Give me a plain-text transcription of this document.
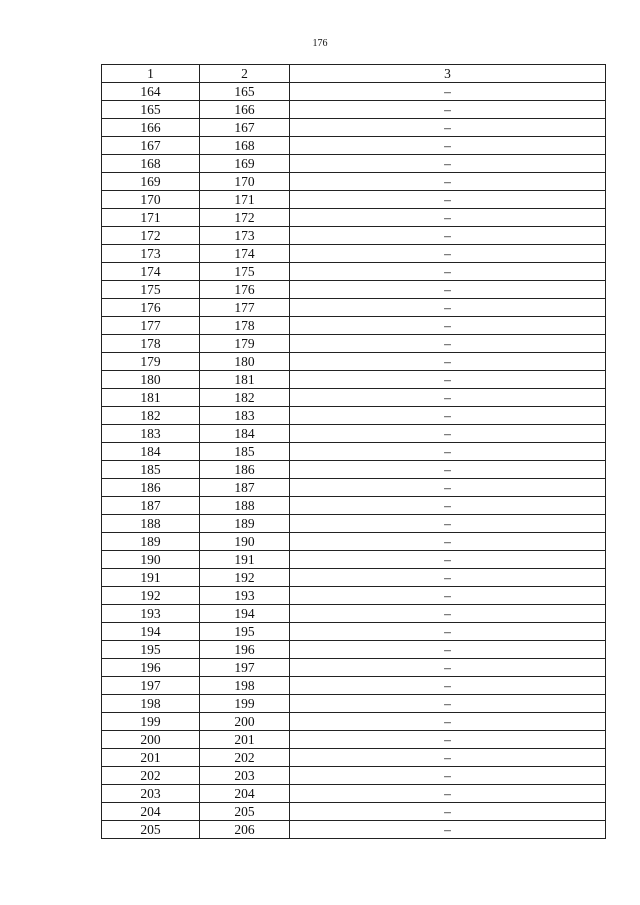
176
1	2	3
164	165	–
165	166	–
166	167	–
167	168	–
168	169	–
169	170	–
170	171	–
171	172	–
172	173	–
173	174	–
174	175	–
175	176	–
176	177	–
177	178	–
178	179	–
179	180	–
180	181	–
181	182	–
182	183	–
183	184	–
184	185	–
185	186	–
186	187	–
187	188	–
188	189	–
189	190	–
190	191	–
191	192	–
192	193	–
193	194	–
194	195	–
195	196	–
196	197	–
197	198	–
198	199	–
199	200	–
200	201	–
201	202	–
202	203	–
203	204	–
204	205	–
205	206	–
